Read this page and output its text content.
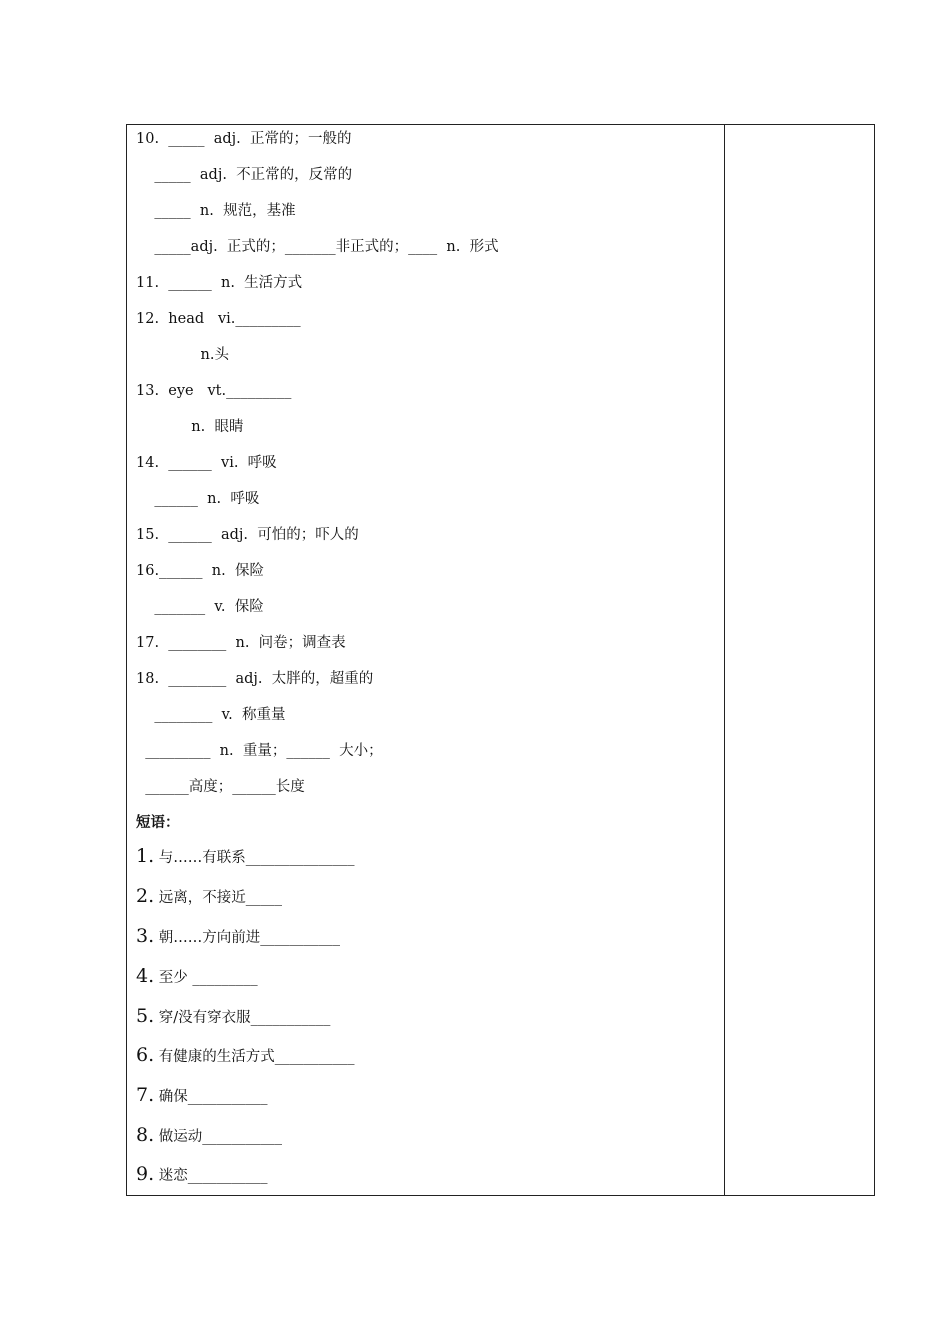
10.  _____  adj.  正常的；一般的
_____  adj.  不正常的，反常的
_____  n.  规范，基准
_____adj.  正式的；_______非正式的；____  n.  形式
11.  ______  n.  生活方式
12.  head   vi._________
n.头
13.  eye   vt._________
n.  眼睛
14.  ______  vi.  呼吸
______  n.  呼吸
15.  ______  adj.  可怕的；吓人的
16.______  n.  保险
_______  v.  保险
17.  ________  n.  问卷；调查表
18.  ________  adj.  太胖的，超重的
________  v.  称重量
_________  n.  重量；______  大小；
______高度；______长度
短语：
1. 与……有联系_______________
2. 远离，不接近_____
3. 朝……方向前进___________
4. 至少 _________
5. 穿/没有穿衣服___________
6. 有健康的生活方式___________
7. 确保___________
8. 做运动___________
9. 迷恋___________
